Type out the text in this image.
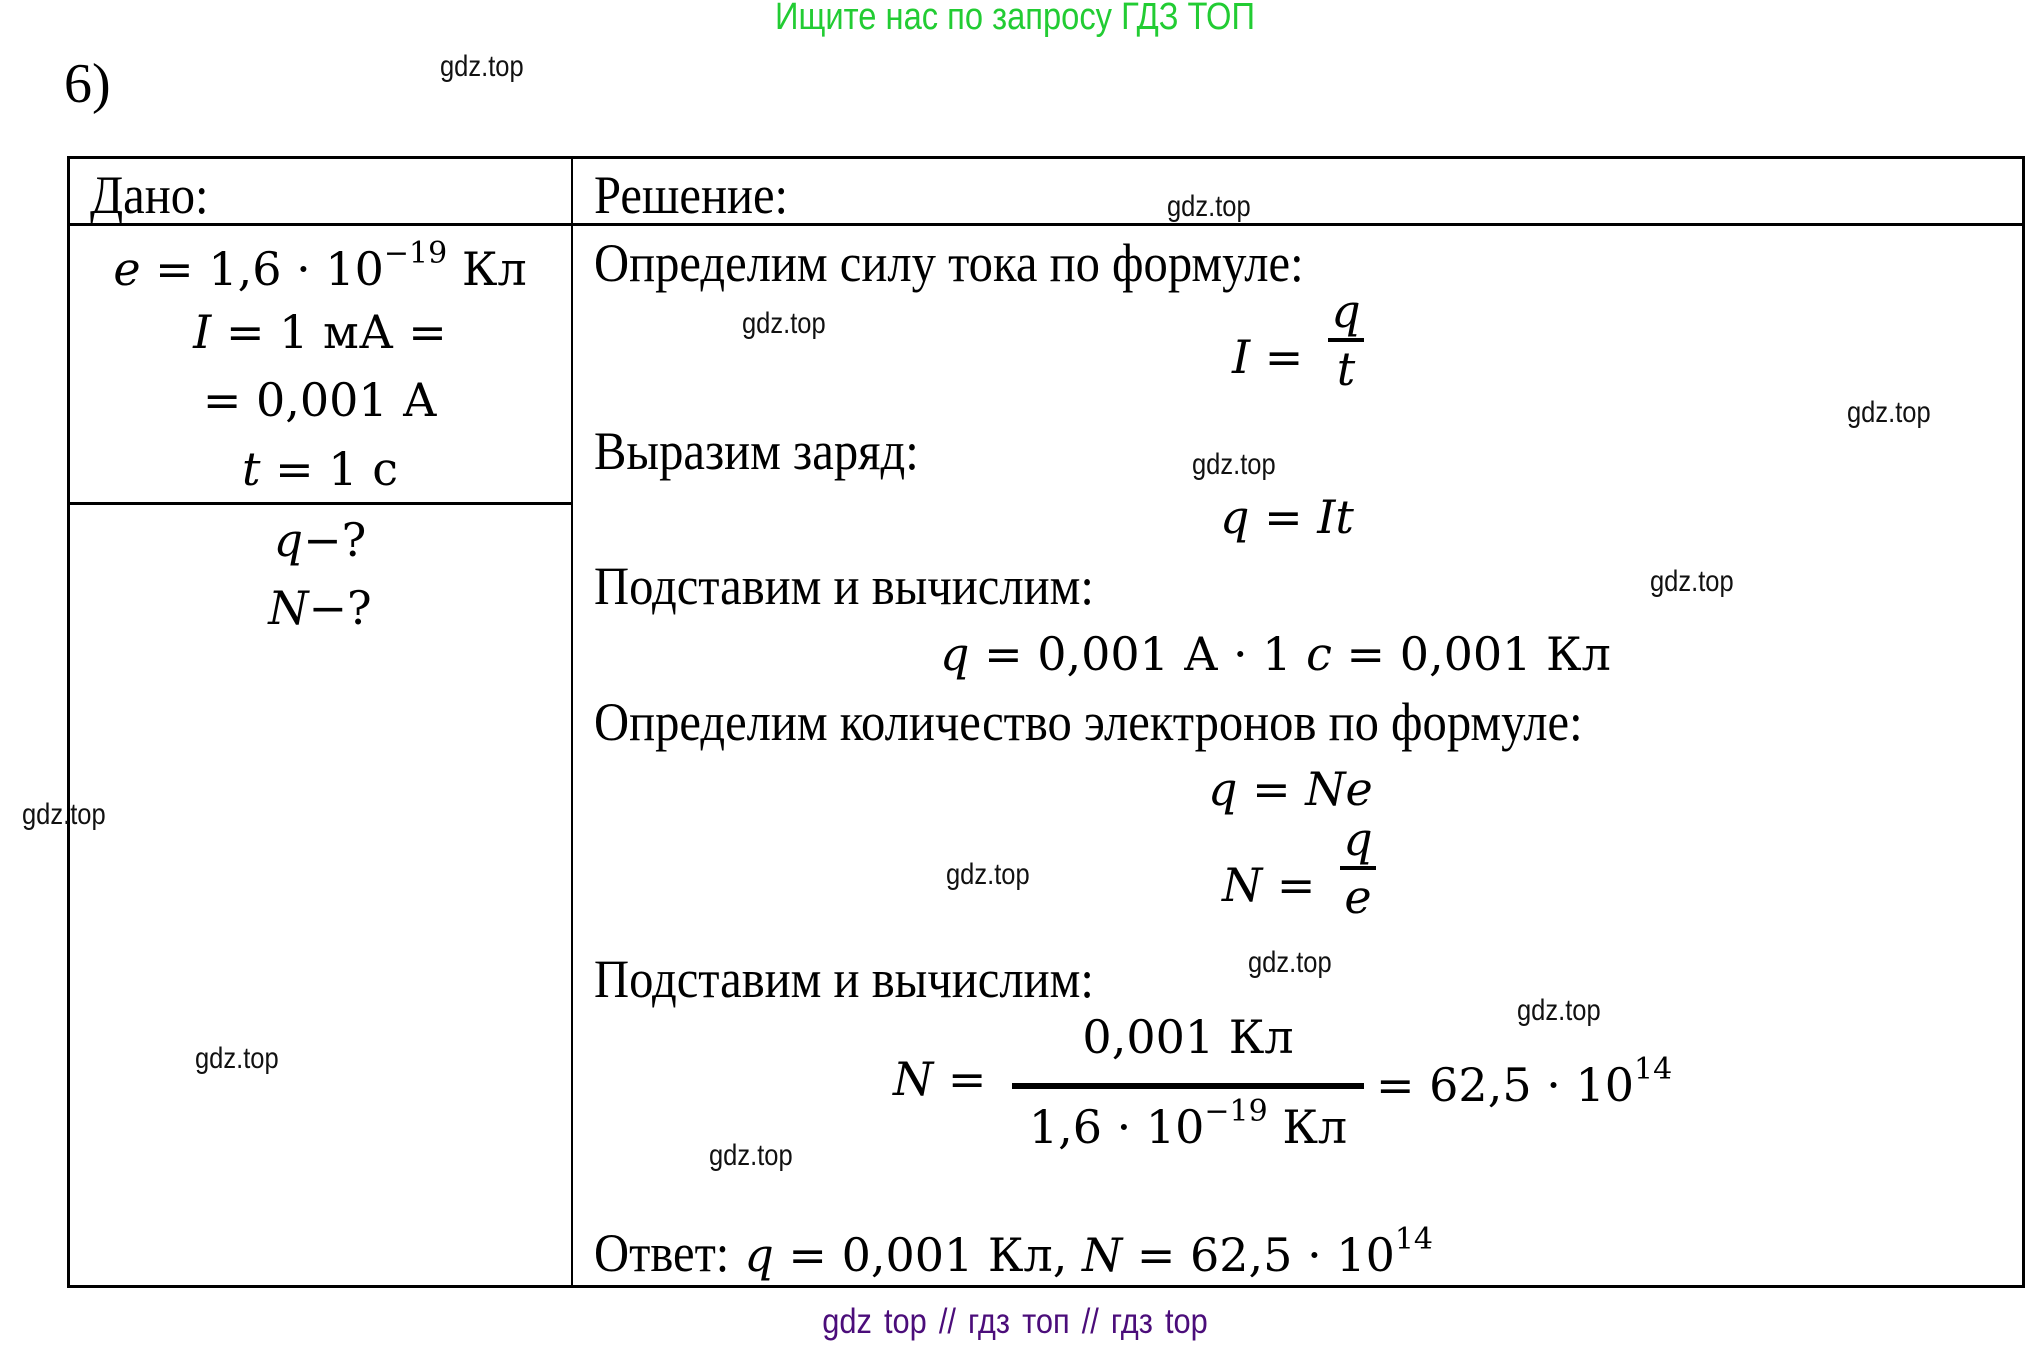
Ищите нас по запросу ГДЗ ТОП
6)
Дано:	Решение:
$e = 1,6 \cdot 10^{-19}$ Кл
I = 1 мА =
= 0,001 А
t = 1 с
q−?
N−?
Определим силу тока по формуле:
I =
q
t
Выразим заряд:
q = It
Подставим и вычислим:
q = 0,001 А · 1 c = 0,001 Кл
Определим количество электронов по формуле:
q = Ne
N =
q
e
Подставим и вычислим:
N =
0,001 Кл
$1,6 \cdot 10^{-19}$ Кл
= $62,5 \cdot 10^{14}$
Ответ:q = 0,001 Кл, $N = 62,5 \cdot 10^{14}$
gdz.top
gdz.top
gdz.top
gdz.top
gdz.top
gdz.top
gdz.top
gdz.top
gdz.top
gdz.top
gdz.top
gdz.top
gdz top // гдз топ // гдз top
